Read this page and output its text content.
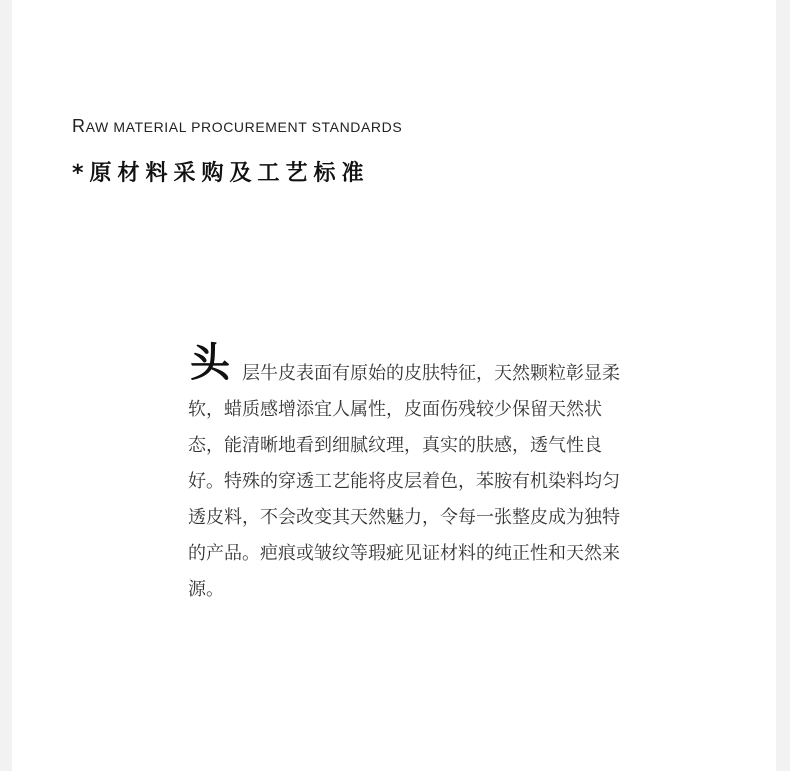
RAW MATERIAL PROCUREMENT STANDARDS
*原材料采购及工艺标准
头 层牛皮表面有原始的皮肤特征，天然颗粒彰显柔软，蜡质感增添宜人属性，皮面伤残较少保留天然状态，能清晰地看到细腻纹理，真实的肤感，透气性良好。特殊的穿透工艺能将皮层着色，苯胺有机染料均匀透皮料，不会改变其天然魅力，令每一张整皮成为独特的产品。疤痕或皱纹等瑕疵见证材料的纯正性和天然来源。
